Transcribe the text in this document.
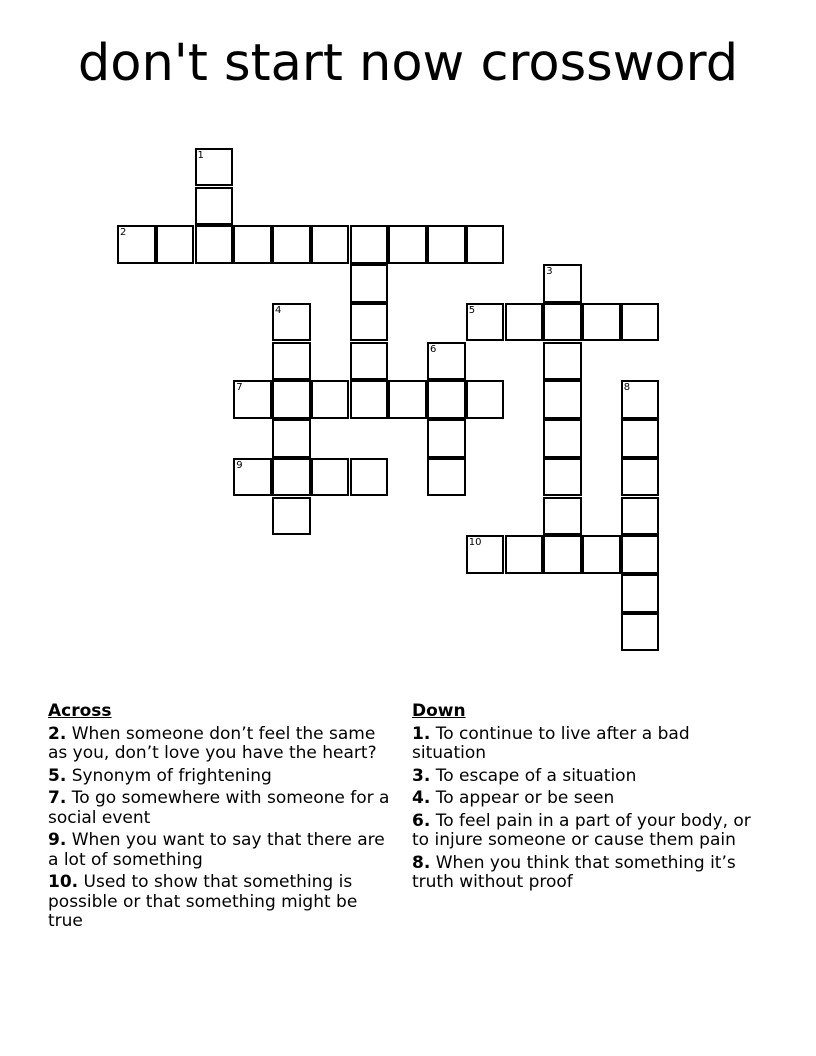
don't start now crossword
1
2
3
4	5
6
7	8
9
10
Across
2. When someone don’t feel the same as you, don’t love you have the heart?
5. Synonym of frightening
7. To go somewhere with someone for a social event
9. When you want to say that there are a lot of something
10. Used to show that something is possible or that something might be true
Down
1. To continue to live after a bad situation
3. To escape of a situation
4. To appear or be seen
6. To feel pain in a part of your body, or to injure someone or cause them pain
8. When you think that something it’s truth without proof
